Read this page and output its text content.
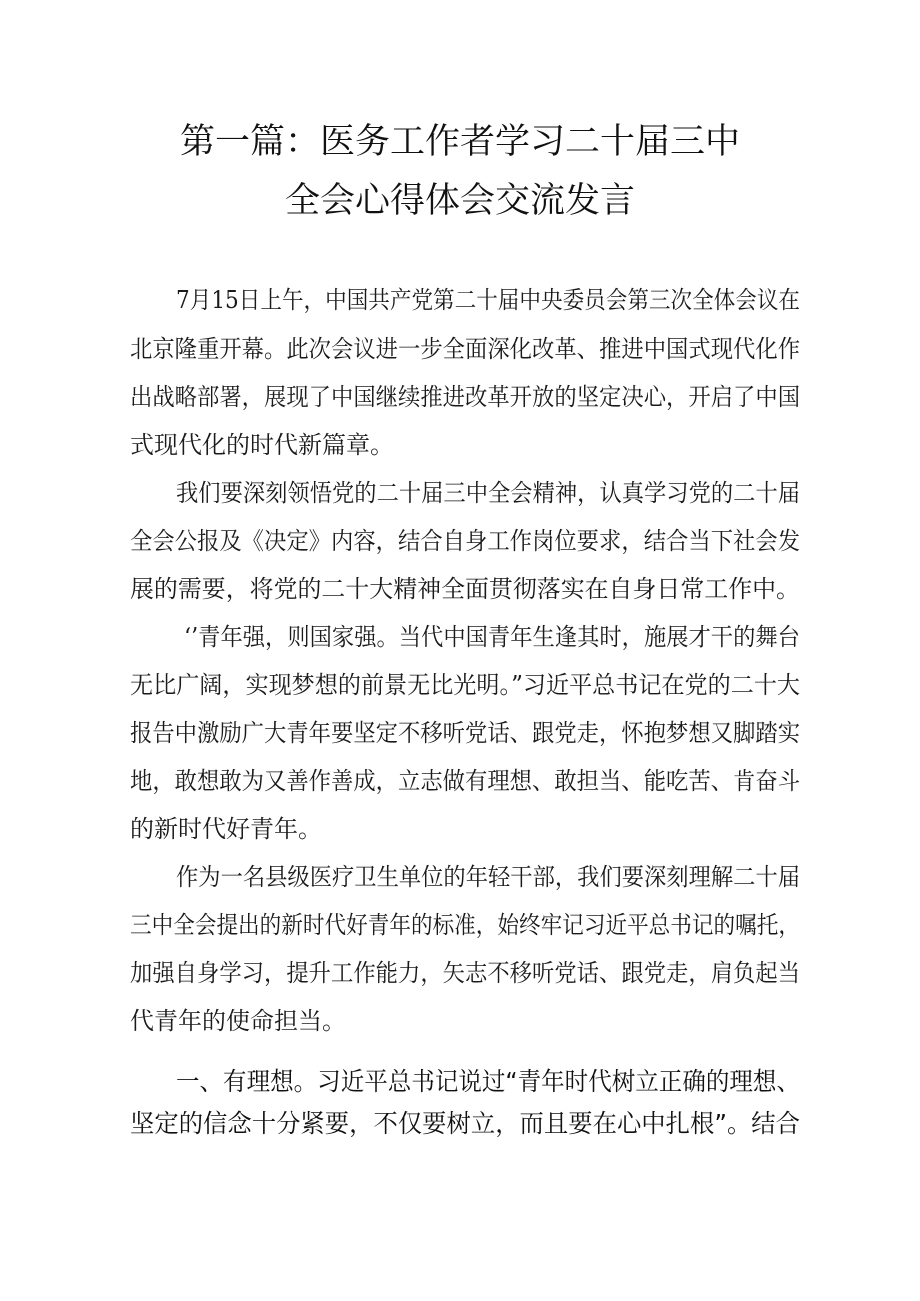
第一篇：医务工作者学习二十届三中
全会心得体会交流发言
7月15日上午，中国共产党第二十届中央委员会第三次全体会议在
北京隆重开幕。此次会议进一步全面深化改革、推进中国式现代化作
出战略部署，展现了中国继续推进改革开放的坚定决心，开启了中国
式现代化的时代新篇章。
我们要深刻领悟党的二十届三中全会精神，认真学习党的二十届
全会公报及《决定》内容，结合自身工作岗位要求，结合当下社会发
展的需要，将党的二十大精神全面贯彻落实在自身日常工作中。
‘’青年强，则国家强。当代中国青年生逢其时，施展才干的舞台
无比广阔，实现梦想的前景无比光明。”习近平总书记在党的二十大
报告中激励广大青年要坚定不移听党话、跟党走，怀抱梦想又脚踏实
地，敢想敢为又善作善成，立志做有理想、敢担当、能吃苦、肯奋斗
的新时代好青年。
作为一名县级医疗卫生单位的年轻干部，我们要深刻理解二十届
三中全会提出的新时代好青年的标准，始终牢记习近平总书记的嘱托，
加强自身学习，提升工作能力，矢志不移听党话、跟党走，肩负起当
代青年的使命担当。
一、有理想。习近平总书记说过“青年时代树立正确的理想、
坚定的信念十分紧要，不仅要树立，而且要在心中扎根”。结合
